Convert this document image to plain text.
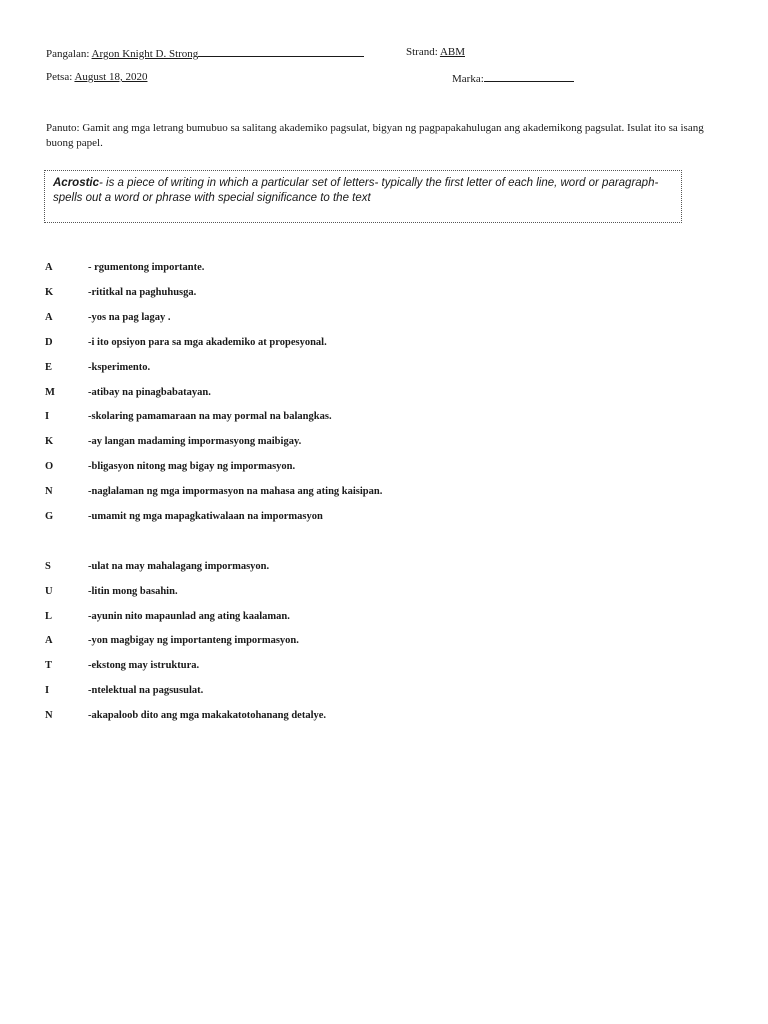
Pangalan: Argon Knight D. Strong	Strand: ABM
Petsa: August 18, 2020	Marka:
Panuto: Gamit ang mga letrang bumubuo sa salitang akademiko pagsulat, bigyan ng pagpapakahulugan ang akademikong pagsulat. Isulat ito sa isang buong papel.
Acrostic- is a piece of writing in which a particular set of letters- typically the first letter of each line, word or paragraph-spells out a word or phrase with special significance to the text
A	- rgumentong importante.
K	-rititkal na paghuhusga.
A	-yos na pag lagay .
D	-i ito opsiyon para sa mga akademiko at propesyonal.
E	-ksperimento.
M	-atibay na pinagbabatayan.
I	-skolaring pamamaraan na may pormal na balangkas.
K	-ay langan madaming impormasyong maibigay.
O	-bligasyon nitong mag bigay ng impormasyon.
N	-naglalaman ng mga impormasyon na mahasa ang ating kaisipan.
G	-umamit ng mga mapagkatiwalaan na impormasyon
S	-ulat na may mahalagang impormasyon.
U	-litin mong basahin.
L	-ayunin nito mapaunlad ang ating kaalaman.
A	-yon magbigay ng importanteng impormasyon.
T	-ekstong may istruktura.
I	-ntelektual na pagsusulat.
N	-akapaloob dito ang mga makakatotohanang detalye.
